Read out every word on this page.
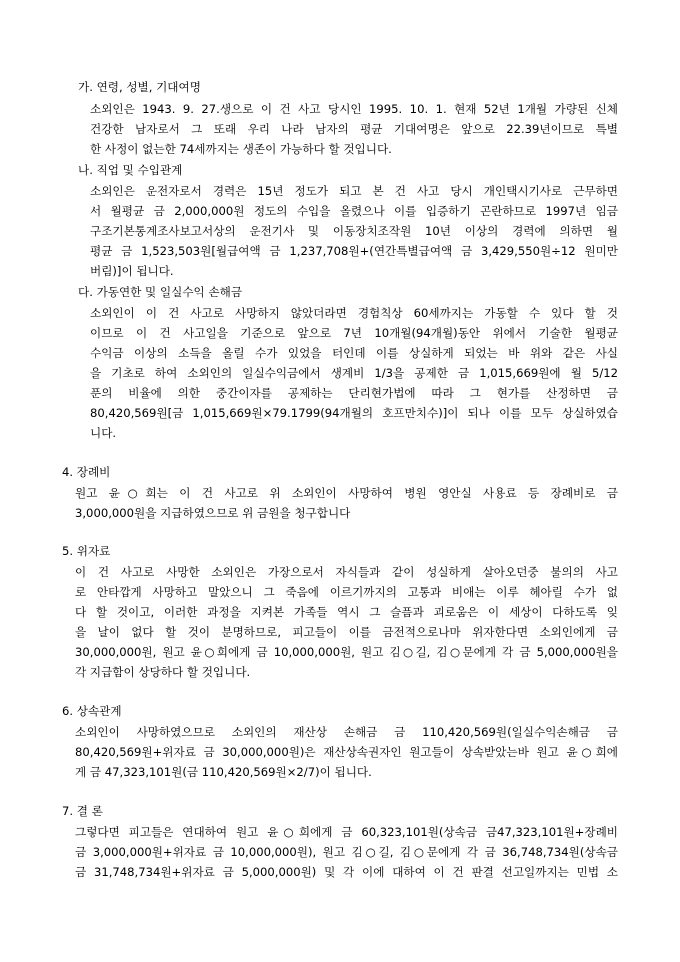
가. 연령, 성별, 기대여명
소외인은 1943. 9. 27.생으로 이 건 사고 당시인 1995. 10. 1. 현재 52년 1개월 가량된 신체
건강한 남자로서 그 또래 우리 나라 남자의 평균 기대여명은 앞으로 22.39년이므로 특별
한 사정이 없는한 74세까지는 생존이 가능하다 할 것입니다.
나. 직업 및 수입관계
소외인은 운전자로서 경력은 15년 정도가 되고 본 건 사고 당시 개인택시기사로 근무하면
서 월평균 금 2,000,000원 정도의 수입을 올렸으나 이를 입증하기 곤란하므로 1997년 임금
구조기본통계조사보고서상의 운전기사 및 이동장치조작원 10년 이상의 경력에 의하면 월
평균 금 1,523,503원[월급여액 금 1,237,708원+(연간특별급여액 금 3,429,550원÷12 원미만
버림)]이 됩니다.
다. 가동연한 및 일실수익 손해금
소외인이 이 건 사고로 사망하지 않았더라면 경험칙상 60세까지는 가동할 수 있다 할 것
이므로 이 건 사고일을 기준으로 앞으로 7년 10개월(94개월)동안 위에서 기술한 월평균
수익금 이상의 소득을 올릴 수가 있었을 터인데 이를 상실하게 되었는 바 위와 같은 사실
을 기초로 하여 소외인의 일실수익금에서 생계비 1/3을 공제한 금 1,015,669원에 월 5/12
푼의 비율에 의한 중간이자를 공제하는 단리현가법에 따라 그 현가를 산정하면 금
80,420,569원[금 1,015,669원×79.1799(94개월의 호프만치수)]이 되나 이를 모두 상실하였습
니다.
4. 장례비
원고 윤○희는 이 건 사고로 위 소외인이 사망하여 병원 영안실 사용료 등 장례비로 금
3,000,000원을 지급하였으므로 위 금원을 청구합니다
5. 위자료
이 건 사고로 사망한 소외인은 가장으로서 자식들과 같이 성실하게 살아오던중 불의의 사고
로 안타깝게 사망하고 말았으니 그 죽음에 이르기까지의 고통과 비애는 이루 헤아릴 수가 없
다 할 것이고, 이러한 과정을 지켜본 가족들 역시 그 슬픔과 괴로움은 이 세상이 다하도록 잊
을 날이 없다 할 것이 분명하므로, 피고들이 이를 금전적으로나마 위자한다면 소외인에게 금
30,000,000원, 원고 윤○희에게 금 10,000,000원, 원고 김○길, 김○문에게 각 금 5,000,000원을
각 지급함이 상당하다 할 것입니다.
6. 상속관계
소외인이 사망하였으므로 소외인의 재산상 손해금 금 110,420,569원(일실수익손해금 금
80,420,569원+위자료 금 30,000,000원)은 재산상속권자인 원고들이 상속받았는바 원고 윤○희에
게 금 47,323,101원(금 110,420,569원×2/7)이 됩니다.
7. 결 론
그렇다면 피고들은 연대하여 원고 윤○희에게 금 60,323,101원(상속금 금47,323,101원+장례비
금 3,000,000원+위자료 금 10,000,000원), 원고 김○길, 김○문에게 각 금 36,748,734원(상속금
금 31,748,734원+위자료 금 5,000,000원) 및 각 이에 대하여 이 건 판결 선고일까지는 민법 소
